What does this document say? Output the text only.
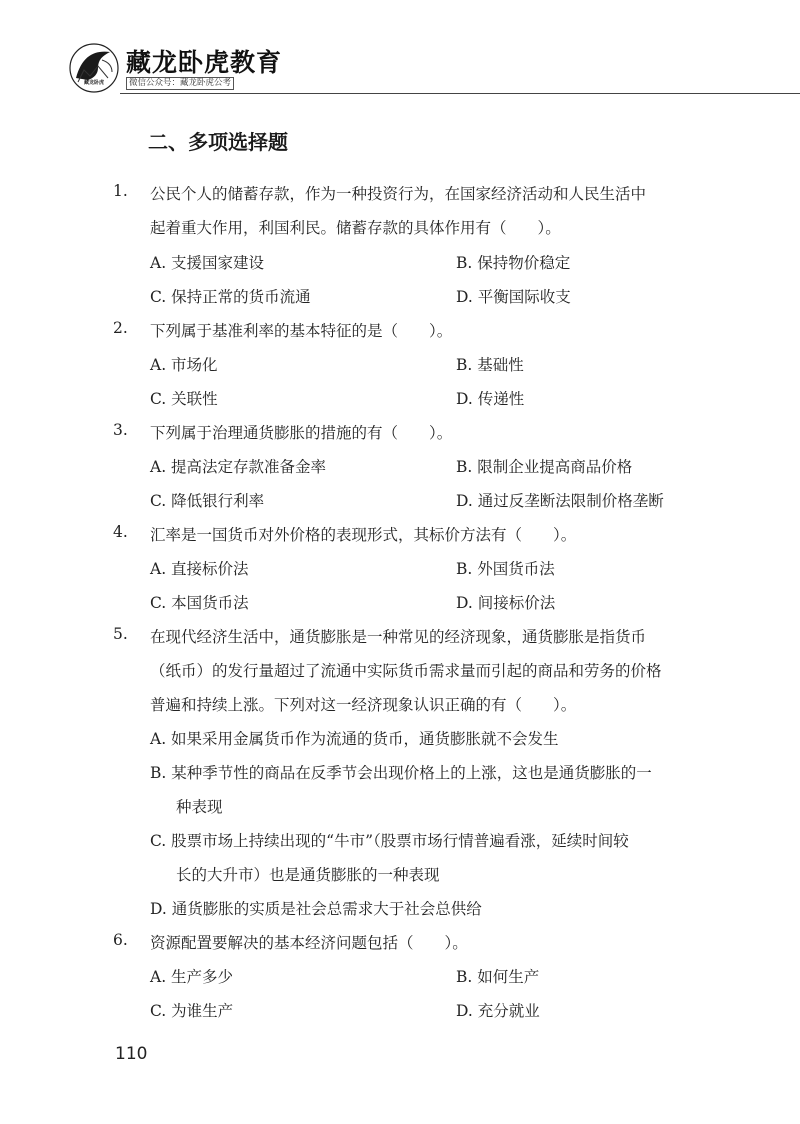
藏龙卧虎
藏龙卧虎教育
微信公众号：藏龙卧虎公考
二、多项选择题
1. 公民个人的储蓄存款，作为一种投资行为，在国家经济活动和人民生活中
起着重大作用，利国利民。储蓄存款的具体作用有（　　）。
A. 支援国家建设	B. 保持物价稳定
C. 保持正常的货币流通	D. 平衡国际收支
2. 下列属于基准利率的基本特征的是（　　）。
A. 市场化	B. 基础性
C. 关联性	D. 传递性
3. 下列属于治理通货膨胀的措施的有（　　）。
A. 提高法定存款准备金率	B. 限制企业提高商品价格
C. 降低银行利率	D. 通过反垄断法限制价格垄断
4. 汇率是一国货币对外价格的表现形式，其标价方法有（　　）。
A. 直接标价法	B. 外国货币法
C. 本国货币法	D. 间接标价法
5. 在现代经济生活中，通货膨胀是一种常见的经济现象，通货膨胀是指货币
（纸币）的发行量超过了流通中实际货币需求量而引起的商品和劳务的价格
普遍和持续上涨。下列对这一经济现象认识正确的有（　　）。
A. 如果采用金属货币作为流通的货币，通货膨胀就不会发生
B. 某种季节性的商品在反季节会出现价格上的上涨，这也是通货膨胀的一
种表现
C. 股票市场上持续出现的“牛市”（股票市场行情普遍看涨，延续时间较
长的大升市）也是通货膨胀的一种表现
D. 通货膨胀的实质是社会总需求大于社会总供给
6. 资源配置要解决的基本经济问题包括（　　）。
A. 生产多少	B. 如何生产
C. 为谁生产	D. 充分就业
110
